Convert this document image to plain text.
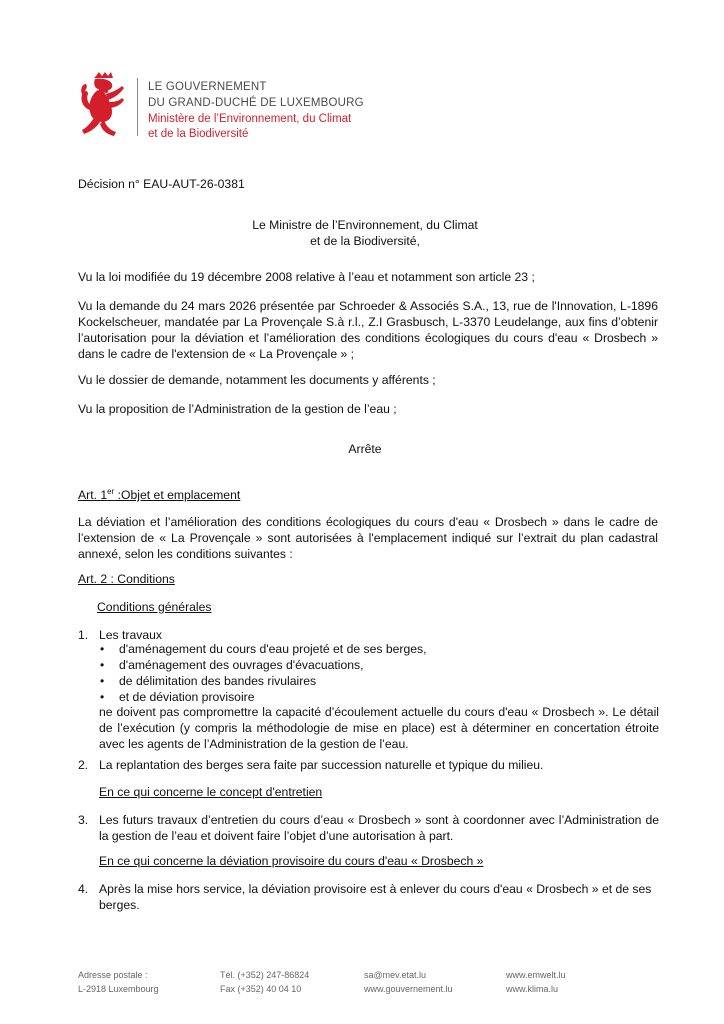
LE GOUVERNEMENT
DU GRAND-DUCHÉ DE LUXEMBOURG
Ministère de l’Environnement, du Climat
et de la Biodiversité
Décision n° EAU-AUT-26-0381
Le Ministre de l’Environnement, du Climat
et de la Biodiversité,
Vu la loi modifiée du 19 décembre 2008 relative à l’eau et notamment son article 23 ;
Vu la demande du 24 mars 2026 présentée par Schroeder & Associés S.A., 13, rue de l'Innovation, L-1896 Kockelscheuer, mandatée par La Provençale S.à r.l., Z.I Grasbusch, L-3370 Leudelange, aux fins d’obtenir l’autorisation pour la déviation et l’amélioration des conditions écologiques du cours d'eau « Drosbech » dans le cadre de l'extension de « La Provençale » ;
Vu le dossier de demande, notamment les documents y afférents ;
Vu la proposition de l’Administration de la gestion de l’eau ;
Arrête
Art. 1er :Objet et emplacement
La déviation et l’amélioration des conditions écologiques du cours d'eau « Drosbech » dans le cadre de l’extension de « La Provençale » sont autorisées à l'emplacement indiqué sur l’extrait du plan cadastral annexé, selon les conditions suivantes :
Art. 2 : Conditions
Conditions générales
1. Les travaux
• d'aménagement du cours d'eau projeté et de ses berges,
• d'aménagement des ouvrages d'évacuations,
• de délimitation des bandes rivulaires
• et de déviation provisoire
ne doivent pas compromettre la capacité d’écoulement actuelle du cours d'eau « Drosbech ». Le détail de l’exécution (y compris la méthodologie de mise en place) est à déterminer en concertation étroite avec les agents de l’Administration de la gestion de l’eau.
2. La replantation des berges sera faite par succession naturelle et typique du milieu.
En ce qui concerne le concept d'entretien
3. Les futurs travaux d’entretien du cours d’eau « Drosbech » sont à coordonner avec l’Administration de la gestion de l’eau et doivent faire l’objet d’une autorisation à part.
En ce qui concerne la déviation provisoire du cours d'eau « Drosbech »
4. Après la mise hors service, la déviation provisoire est à enlever du cours d'eau « Drosbech » et de ses berges.
Adresse postale :
L-2918 Luxembourg
Tél. (+352) 247-86824
Fax (+352) 40 04 10
sa@mev.etat.lu
www.gouvernement.lu
www.emwelt.lu
www.klima.lu
